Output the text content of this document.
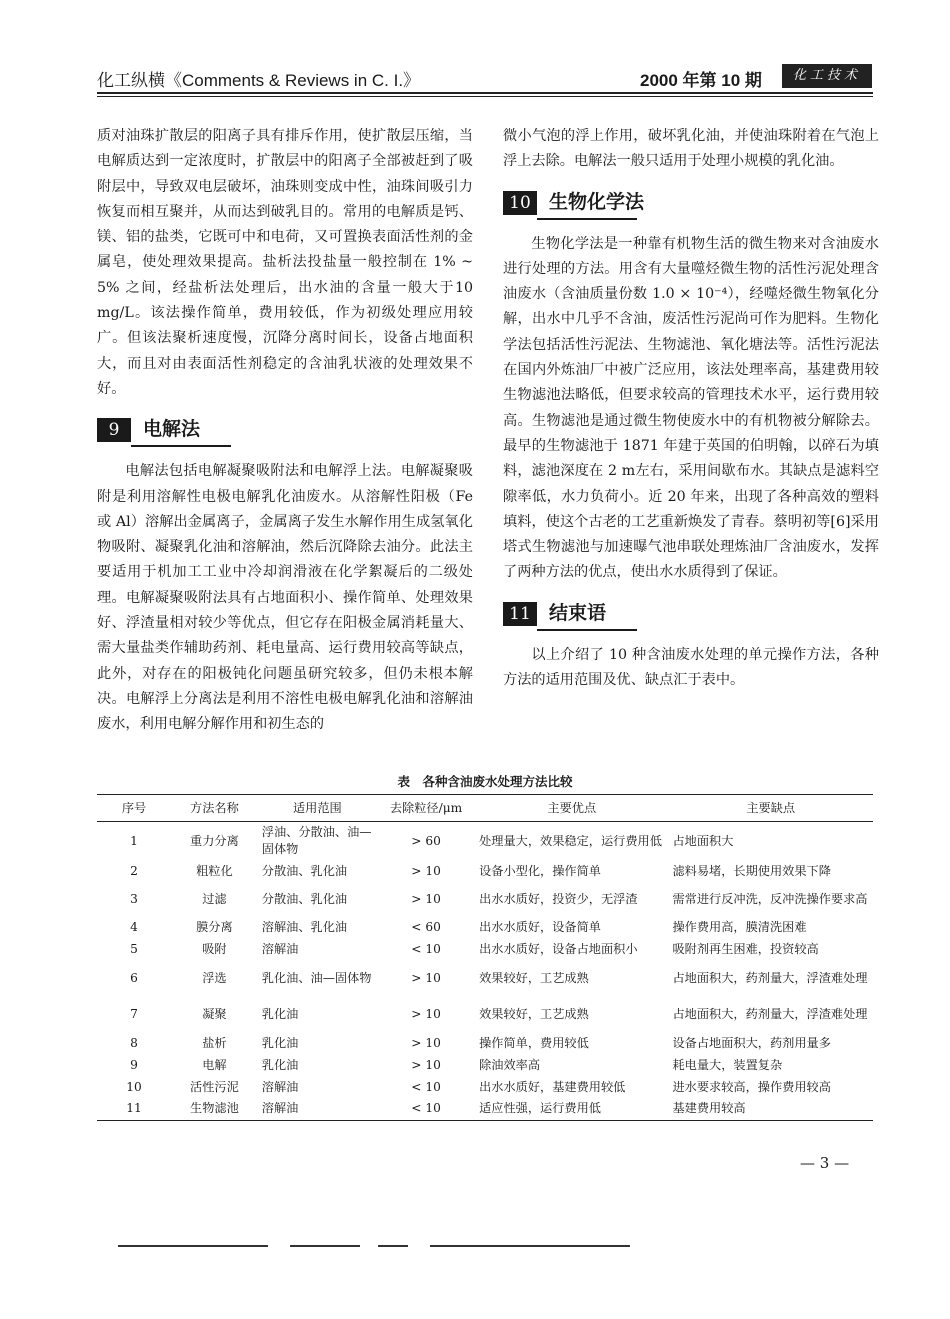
化工纵横《Comments & Reviews in C. I.》	2000 年第 10 期	化工技术

质对油珠扩散层的阳离子具有排斥作用，使扩散层压缩，当电解质达到一定浓度时，扩散层中的阳离子全部被赶到了吸附层中，导致双电层破坏，油珠则变成中性，油珠间吸引力恢复而相互聚并，从而达到破乳目的。常用的电解质是钙、镁、铝的盐类，它既可中和电荷，又可置换表面活性剂的金属皂，使处理效果提高。盐析法投盐量一般控制在 1% ~ 5% 之间，经盐析法处理后，出水油的含量一般大于10 mg/L。该法操作简单，费用较低，作为初级处理应用较广。但该法聚析速度慢，沉降分离时间长，设备占地面积大，而且对由表面活性剂稳定的含油乳状液的处理效果不好。

9	电解法

电解法包括电解凝聚吸附法和电解浮上法。电解凝聚吸附是利用溶解性电极电解乳化油废水。从溶解性阳极（Fe 或 Al）溶解出金属离子，金属离子发生水解作用生成氢氧化物吸附、凝聚乳化油和溶解油，然后沉降除去油分。此法主要适用于机加工工业中冷却润滑液在化学絮凝后的二级处理。电解凝聚吸附法具有占地面积小、操作简单、处理效果好、浮渣量相对较少等优点，但它存在阳极金属消耗量大、需大量盐类作辅助药剂、耗电量高、运行费用较高等缺点，此外，对存在的阳极钝化问题虽研究较多，但仍未根本解决。电解浮上分离法是利用不溶性电极电解乳化油和溶解油废水，利用电解分解作用和初生态的

微小气泡的浮上作用，破坏乳化油，并使油珠附着在气泡上浮上去除。电解法一般只适用于处理小规模的乳化油。

10 生物化学法

生物化学法是一种靠有机物生活的微生物来对含油废水进行处理的方法。用含有大量噬烃微生物的活性污泥处理含油废水（含油质量份数 1.0 × 10⁻⁴），经噬烃微生物氧化分解，出水中几乎不含油，废活性污泥尚可作为肥料。生物化学法包括活性污泥法、生物滤池、氧化塘法等。活性污泥法在国内外炼油厂中被广泛应用，该法处理率高，基建费用较生物滤池法略低，但要求较高的管理技术水平，运行费用较高。生物滤池是通过微生物使废水中的有机物被分解除去。最早的生物滤池于 1871 年建于英国的伯明翰，以碎石为填料，滤池深度在 2 m左右，采用间歇布水。其缺点是滤料空隙率低，水力负荷小。近 20 年来，出现了各种高效的塑料填料，使这个古老的工艺重新焕发了青春。蔡明初等[6]采用塔式生物滤池与加速曝气池串联处理炼油厂含油废水，发挥了两种方法的优点，使出水水质得到了保证。

11 结束语

以上介绍了 10 种含油废水处理的单元操作方法，各种方法的适用范围及优、缺点汇于表中。

表　各种含油废水处理方法比较
序号	方法名称	适用范围	去除粒径/μm	主要优点	主要缺点
1	重力分离	浮油、分散油、油—固体物	> 60	处理量大，效果稳定，运行费用低	占地面积大
2	粗粒化	分散油、乳化油	> 10	设备小型化，操作简单	滤料易堵，长期使用效果下降
3	过滤	分散油、乳化油	> 10	出水水质好，投资少，无浮渣	需常进行反冲洗，反冲洗操作要求高
4	膜分离	溶解油、乳化油	< 60	出水水质好，设备简单	操作费用高，膜清洗困难
5	吸附	溶解油	< 10	出水水质好，设备占地面积小	吸附剂再生困难，投资较高
6	浮选	乳化油、油—固体物	> 10	效果较好，工艺成熟	占地面积大，药剂量大，浮渣难处理
7	凝聚	乳化油	> 10	效果较好，工艺成熟	占地面积大，药剂量大，浮渣难处理
8	盐析	乳化油	> 10	操作简单，费用较低	设备占地面积大，药剂用量多
9	电解	乳化油	> 10	除油效率高	耗电量大，装置复杂
10	活性污泥	溶解油	< 10	出水水质好，基建费用较低	进水要求较高，操作费用较高
11	生物滤池	溶解油	< 10	适应性强，运行费用低	基建费用较高
— 3 —
